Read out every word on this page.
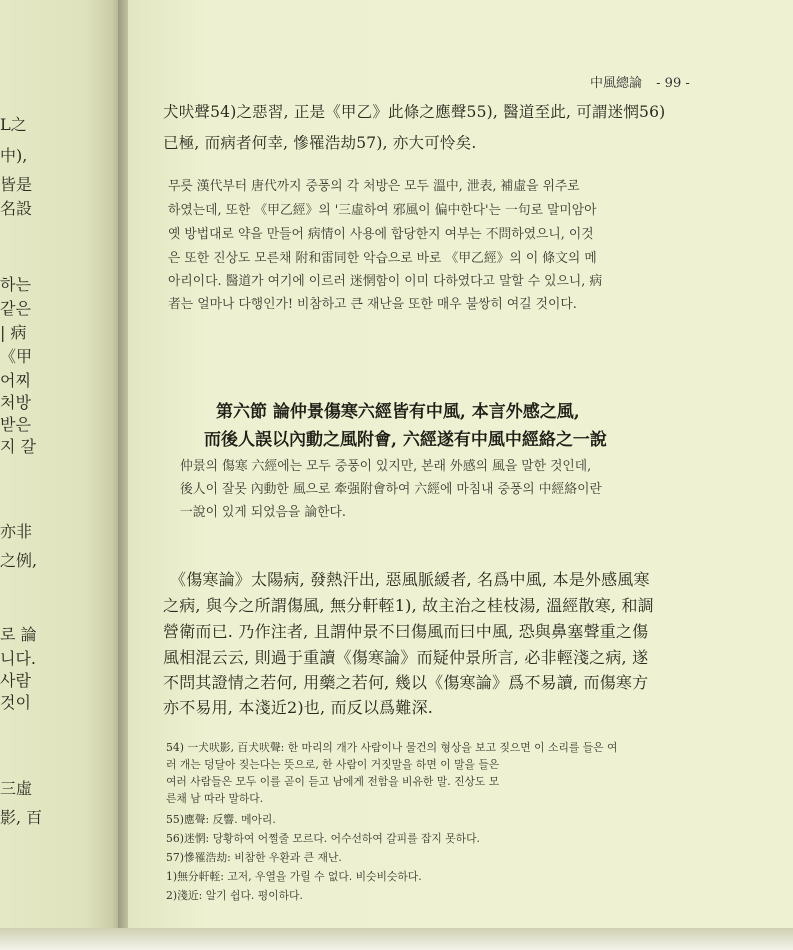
L之
中),
皆是
名設
하는
같은
| 病
《甲
어찌
처방
받은
지 갈
亦非
之例,
로 論
니다.
사람
것이
三虛
影, 百
中風總論 - 99 -
犬吠聲54)之惡習, 正是《甲乙》此條之應聲55), 醫道至此, 可謂迷惘56)
已極, 而病者何幸, 慘罹浩劫57), 亦大可怜矣.
무릇 漢代부터 唐代까지 중풍의 각 처방은 모두 溫中, 泄表, 補虛을 위주로
하였는데, 또한 《甲乙經》의 '三虛하여 邪風이 偏中한다'는 一句로 말미암아
옛 방법대로 약을 만들어 病情이 사용에 합당한지 여부는 不問하였으니, 이것
은 또한 진상도 모른채 附和雷同한 악습으로 바로 《甲乙經》의 이 條文의 메
아리이다. 醫道가 여기에 이르러 迷惘함이 이미 다하였다고 말할 수 있으니, 病
者는 얼마나 다행인가! 비참하고 큰 재난을 또한 매우 불쌍히 여길 것이다.
第六節 論仲景傷寒六經皆有中風, 本言外感之風,
而後人誤以內動之風附會, 六經遂有中風中經絡之一說
仲景의 傷寒 六經에는 모두 중풍이 있지만, 본래 外感의 風을 말한 것인데,
後人이 잘못 內動한 風으로 牽强附會하여 六經에 마침내 중풍의 中經絡이란
一說이 있게 되었음을 論한다.
《傷寒論》太陽病, 發熱汗出, 惡風脈緩者, 名爲中風, 本是外感風寒
之病, 與今之所謂傷風, 無分軒輊1), 故主治之桂枝湯, 溫經散寒, 和調
營衛而已. 乃作注者, 且謂仲景不曰傷風而曰中風, 恐與鼻塞聲重之傷
風相混云云, 則過于重讀《傷寒論》而疑仲景所言, 必非輕淺之病, 遂
不問其證情之若何, 用藥之若何, 幾以《傷寒論》爲不易讀, 而傷寒方
亦不易用, 本淺近2)也, 而反以爲難深.
54) 一犬吠影, 百犬吠聲: 한 마리의 개가 사람이나 물건의 형상을 보고 짖으면 이 소리를 들은 여
러 개는 덩달아 짖는다는 뜻으로, 한 사람이 거짓말을 하면 이 말을 들은
여러 사람들은 모두 이를 곧이 듣고 남에게 전함을 비유한 말. 진상도 모
른채 남 따라 말하다.
55)應聲: 反響. 메아리.
56)迷惘: 당황하여 어쩔줄 모르다. 어수선하여 갈피를 잡지 못하다.
57)慘罹浩劫: 비참한 우환과 큰 재난.
1)無分軒輊: 고저, 우열을 가릴 수 없다. 비슷비슷하다.
2)淺近: 알기 쉽다. 평이하다.
